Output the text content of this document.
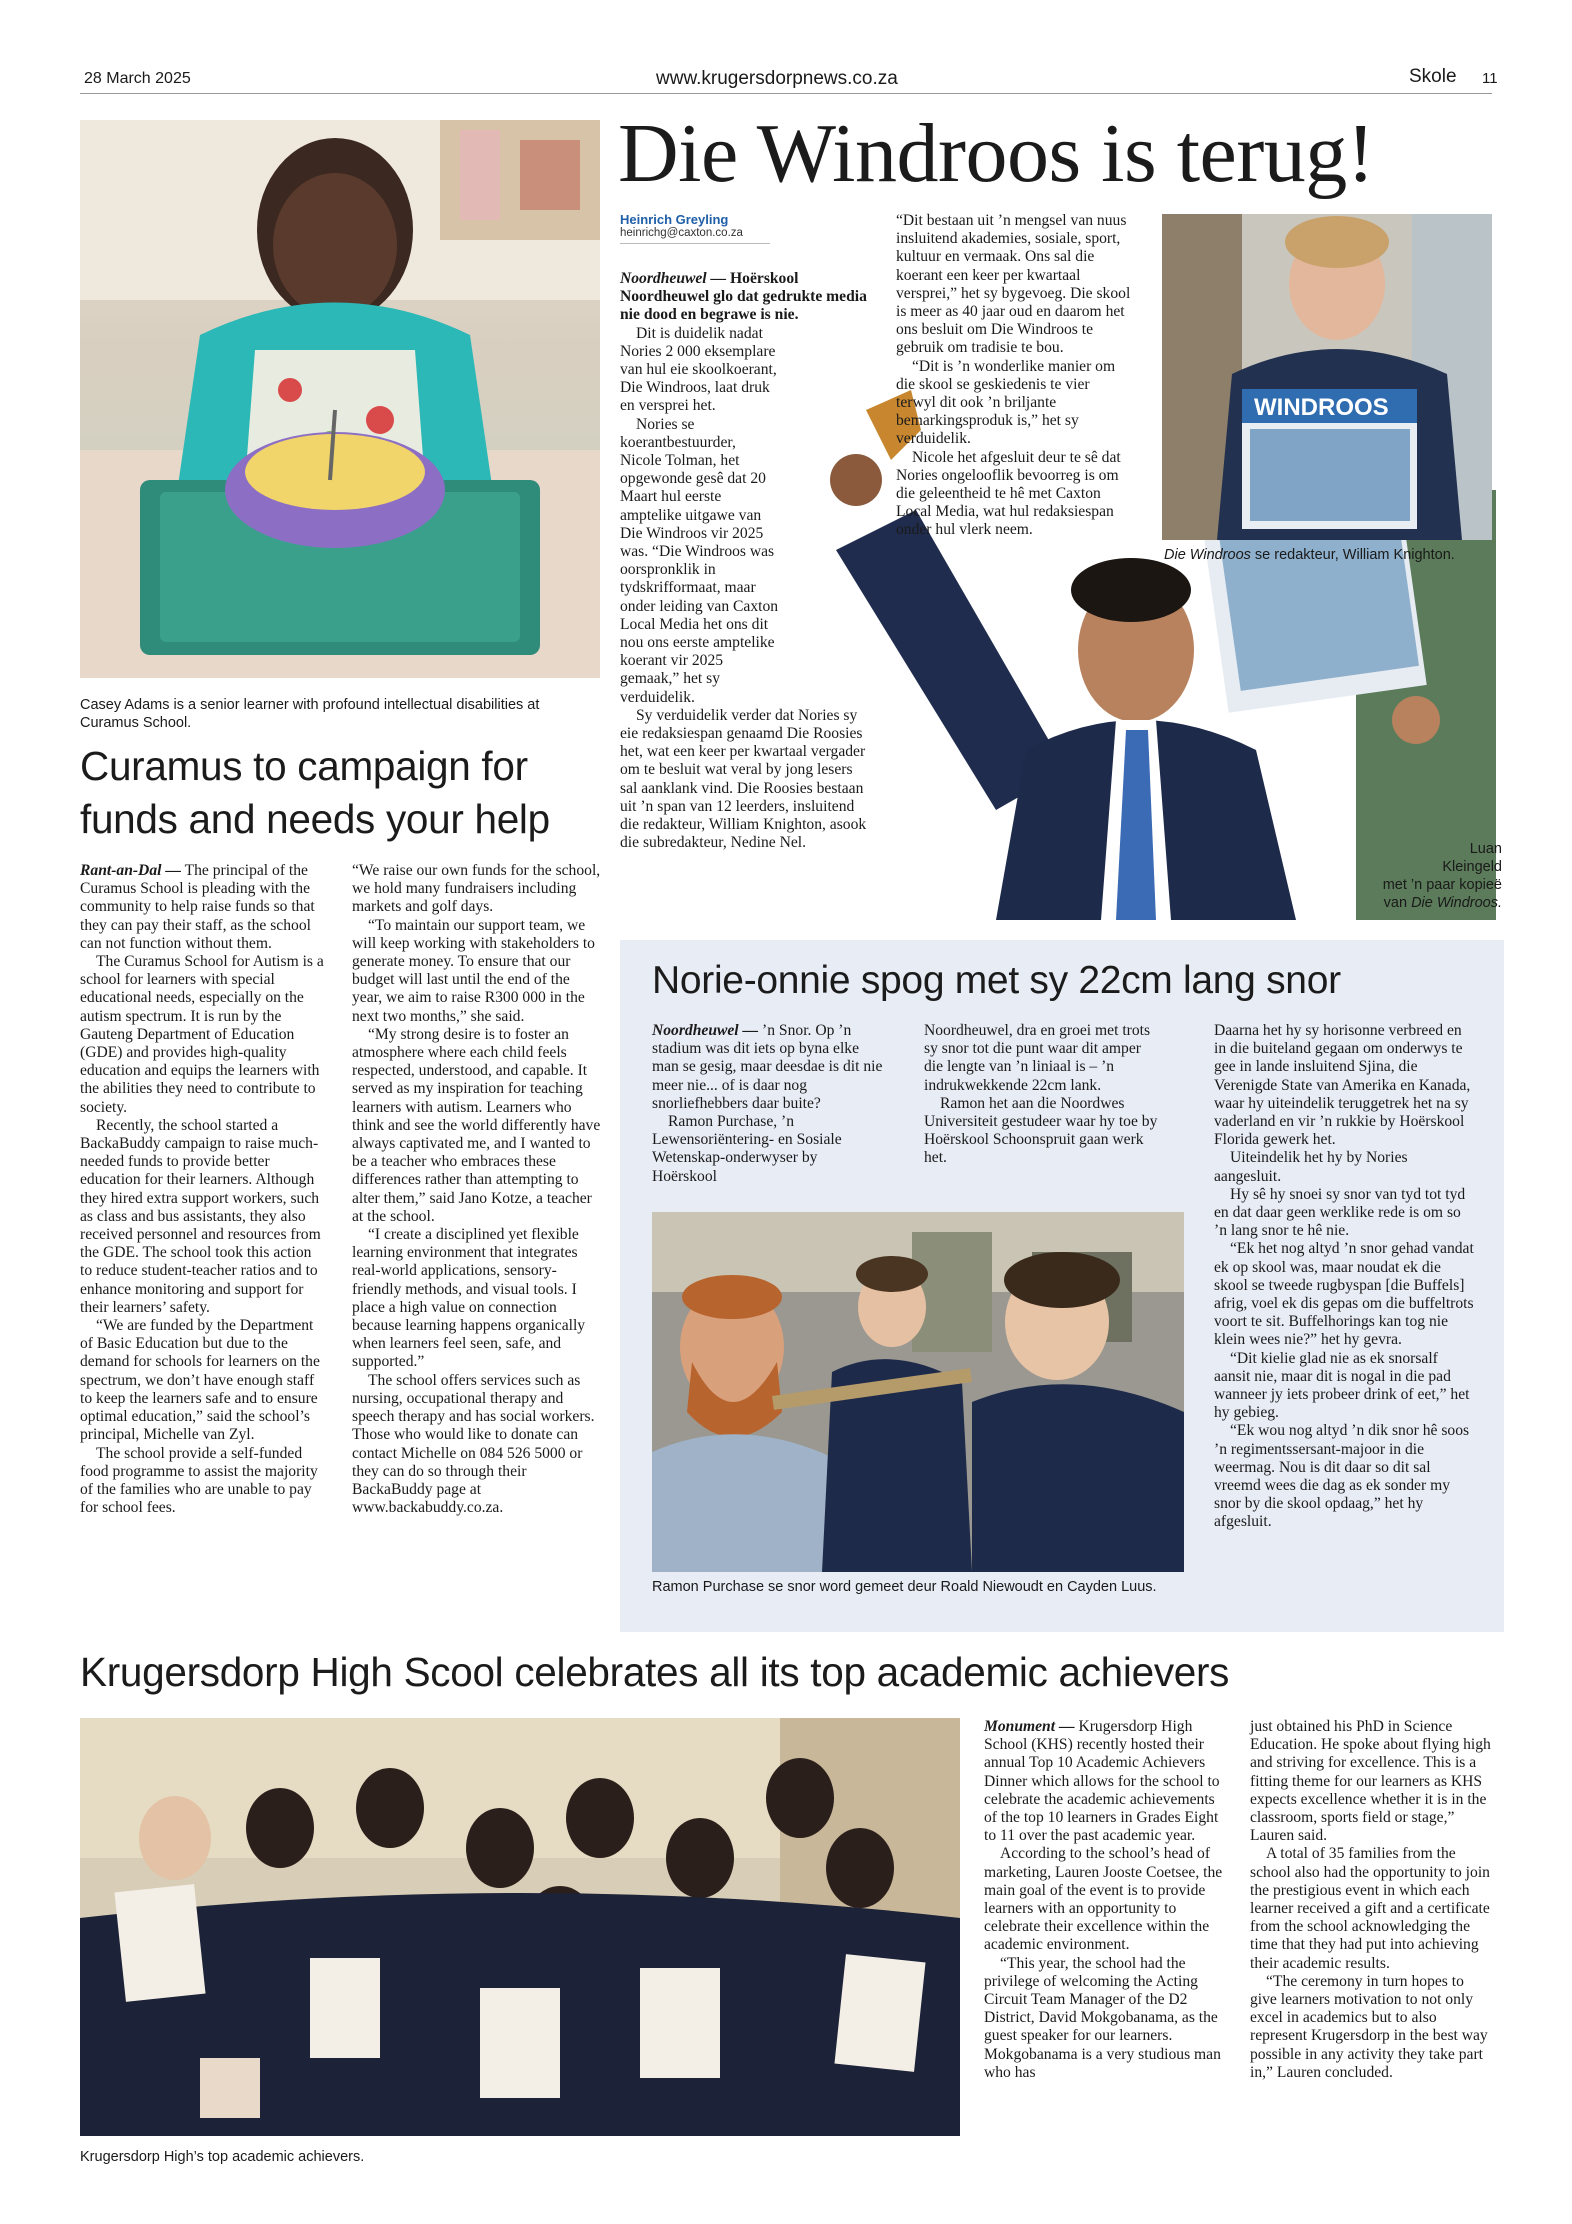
28 March 2025	www.krugersdorpnews.co.za	Skole 11
Casey Adams is a senior learner with profound intellectual disabilities at Curamus School.
Curamus to campaign for
funds and needs your help

Rant-an-Dal — The principal of the Curamus School is pleading with the community to help raise funds so that they can pay their staff, as the school can not function without them.

The Curamus School for Autism is a school for learners with special educational needs, especially on the autism spectrum. It is run by the Gauteng Department of Education (GDE) and provides high-quality education and equips the learners with the abilities they need to contribute to society.

Recently, the school started a BackaBuddy campaign to raise much-needed funds to provide better education for their learners. Although they hired extra support workers, such as class and bus assistants, they also received personnel and resources from the GDE. The school took this action to reduce student-teacher ratios and to enhance monitoring and support for their learners’ safety.

“We are funded by the Department of Basic Education but due to the demand for schools for learners on the spectrum, we don’t have enough staff to keep the learners safe and to ensure optimal education,” said the school’s principal, Michelle van Zyl.

The school provide a self-funded food programme to assist the majority of the families who are unable to pay for school fees.

“We raise our own funds for the school, we hold many fundraisers including markets and golf days.

“To maintain our support team, we will keep working with stakeholders to generate money. To ensure that our budget will last until the end of the year, we aim to raise R300 000 in the next two months,” she said.

“My strong desire is to foster an atmosphere where each child feels respected, understood, and capable. It served as my inspiration for teaching learners with autism. Learners who think and see the world differently have always captivated me, and I wanted to be a teacher who embraces these differences rather than attempting to alter them,” said Jano Kotze, a teacher at the school.

“I create a disciplined yet flexible learning environment that integrates real-world applications, sensory-friendly methods, and visual tools. I place a high value on connection because learning happens organically when learners feel seen, safe, and supported.”

The school offers services such as nursing, occupational therapy and speech therapy and has social workers. Those who would like to donate can contact Michelle on 084 526 5000 or they can do so through their BackaBuddy page at www.backabuddy.co.za.

Die Windroos is terug!
Heinrich Greyling
heinrichg@caxton.co.za

Noordheuwel — Hoërskool Noordheuwel glo dat gedrukte media nie dood en begrawe is nie.

Dit is duidelik nadat Nories 2 000 eksemplare van hul eie skoolkoerant, Die Windroos, laat druk en versprei het.

Nories se koerantbestuurder, Nicole Tolman, het opgewonde gesê dat 20 Maart hul eerste amptelike uitgawe van Die Windroos vir 2025 was. “Die Windroos was oorspronklik in tydskrifformaat, maar onder leiding van Caxton Local Media het ons dit nou ons eerste amptelike koerant vir 2025 gemaak,” het sy verduidelik.

Sy verduidelik verder dat Nories sy eie redaksiespan genaamd Die Roosies het, wat een keer per kwartaal vergader om te besluit wat veral by jong lesers sal aanklank vind. Die Roosies bestaan uit ’n span van 12 leerders, insluitend die redakteur, William Knighton, asook die subredakteur, Nedine Nel.

“Dit bestaan uit ’n mengsel van nuus insluitend akademies, sosiale, sport, kultuur en vermaak. Ons sal die koerant een keer per kwartaal versprei,” het sy bygevoeg. Die skool is meer as 40 jaar oud en daarom het ons besluit om Die Windroos te gebruik om tradisie te bou.

“Dit is ’n wonderlike manier om die skool se geskiedenis te vier terwyl dit ook ’n briljante bemarkingsproduk is,” het sy verduidelik.

Nicole het afgesluit deur te sê dat Nories ongelooflik bevoorreg is om die geleentheid te hê met Caxton Local Media, wat hul redaksiespan onder hul vlerk neem.

WINDROOS
Die Windroos se redakteur, William Knighton.
Luan
Kleingeld
met ’n paar kopieë
van Die Windroos.
Norie-onnie spog met sy 22cm lang snor

Noordheuwel — ’n Snor. Op ’n stadium was dit iets op byna elke man se gesig, maar deesdae is dit nie meer nie... of is daar nog snorliefhebbers daar buite?

Ramon Purchase, ’n Lewensoriëntering- en Sosiale Wetenskap-onderwyser by Hoërskool

Noordheuwel, dra en groei met trots sy snor tot die punt waar dit amper die lengte van ’n liniaal is – ’n indrukwekkende 22cm lank.

Ramon het aan die Noordwes Universiteit gestudeer waar hy toe by Hoërskool Schoonspruit gaan werk het.

Daarna het hy sy horisonne verbreed en in die buiteland gegaan om onderwys te gee in lande insluitend Sjina, die Verenigde State van Amerika en Kanada, waar hy uiteindelik teruggetrek het na sy vaderland en vir ’n rukkie by Hoërskool Florida gewerk het.

Uiteindelik het hy by Nories aangesluit.

Hy sê hy snoei sy snor van tyd tot tyd en dat daar geen werklike rede is om so ’n lang snor te hê nie.

“Ek het nog altyd ’n snor gehad vandat ek op skool was, maar noudat ek die skool se tweede rugbyspan [die Buffels] afrig, voel ek dis gepas om die buffeltrots voort te sit. Buffelhorings kan tog nie klein wees nie?” het hy gevra.

“Dit kielie glad nie as ek snorsalf aansit nie, maar dit is nogal in die pad wanneer jy iets probeer drink of eet,” het hy gebieg.

“Ek wou nog altyd ’n dik snor hê soos ’n regimentssersant-majoor in die weermag. Nou is dit daar so dit sal vreemd wees die dag as ek sonder my snor by die skool opdaag,” het hy afgesluit.

Ramon Purchase se snor word gemeet deur Roald Niewoudt en Cayden Luus.
Krugersdorp High Scool celebrates all its top academic achievers
Krugersdorp High’s top academic achievers.

Monument — Krugersdorp High School (KHS) recently hosted their annual Top 10 Academic Achievers Dinner which allows for the school to celebrate the academic achievements of the top 10 learners in Grades Eight to 11 over the past academic year.

According to the school’s head of marketing, Lauren Jooste Coetsee, the main goal of the event is to provide learners with an opportunity to celebrate their excellence within the academic environment.

“This year, the school had the privilege of welcoming the Acting Circuit Team Manager of the D2 District, David Mokgobanama, as the guest speaker for our learners. Mokgobanama is a very studious man who has

just obtained his PhD in Science Education. He spoke about flying high and striving for excellence. This is a fitting theme for our learners as KHS expects excellence whether it is in the classroom, sports field or stage,” Lauren said.

A total of 35 families from the school also had the opportunity to join the prestigious event in which each learner received a gift and a certificate from the school acknowledging the time that they had put into achieving their academic results.

“The ceremony in turn hopes to give learners motivation to not only excel in academics but to also represent Krugersdorp in the best way possible in any activity they take part in,” Lauren concluded.
